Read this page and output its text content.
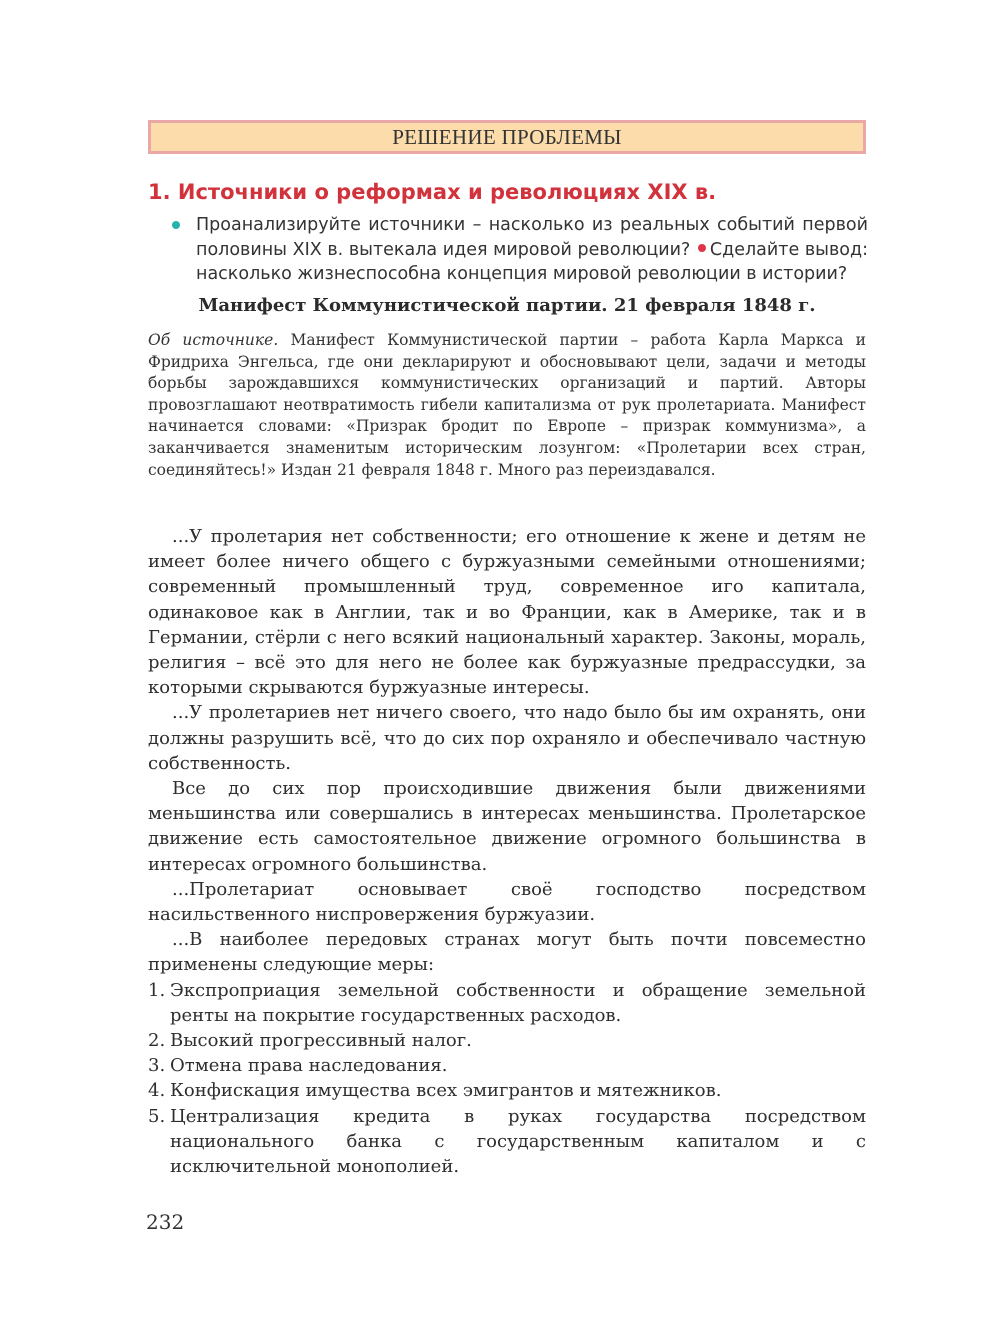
РЕШЕНИЕ ПРОБЛЕМЫ
1. Источники о реформах и революциях XIX в.
Проанализируйте источники – насколько из реальных событий первой половины XIX в. вытекала идея мировой революции? Сделайте вывод: насколько жизнеспособна концепция мировой революции в истории?
Манифест Коммунистической партии. 21 февраля 1848 г.
Об источнике. Манифест Коммунистической партии – работа Карла Маркса и Фридриха Энгельса, где они декларируют и обосновывают цели, задачи и методы борьбы зарождавшихся коммунистических организаций и партий. Авторы провозглашают неотвратимость гибели капитализма от рук пролетариата. Манифест начинается словами: «Призрак бродит по Европе – призрак коммунизма», а заканчивается знаменитым историческим лозунгом: «Пролетарии всех стран, соединяйтесь!» Издан 21 февраля 1848 г. Много раз переиздавался.

...У пролетария нет собственности; его отношение к жене и детям не имеет более ничего общего с буржуазными семейными отношениями; современный промышленный труд, современное иго капитала, одинаковое как в Англии, так и во Франции, как в Америке, так и в Германии, стёрли с него всякий национальный характер. Законы, мораль, религия – всё это для него не более как буржуазные предрассудки, за которыми скрываются буржуазные интересы.

...У пролетариев нет ничего своего, что надо было бы им охранять, они должны разрушить всё, что до сих пор охраняло и обеспечивало частную собственность.

Все до сих пор происходившие движения были движениями меньшинства или совершались в интересах меньшинства. Пролетарское движение есть самостоятельное движение огромного большинства в интересах огромного большинства.

...Пролетариат основывает своё господство посредством насильственного ниспровержения буржуазии.

...В наиболее передовых странах могут быть почти повсеместно применены следующие меры:

1. Экспроприация земельной собственности и обращение земельной ренты на покрытие государственных расходов.
2. Высокий прогрессивный налог.
3. Отмена права наследования.
4. Конфискация имущества всех эмигрантов и мятежников.
5. Централизация кредита в руках государства посредством национального банка с государственным капиталом и с исключительной монополией.
232
